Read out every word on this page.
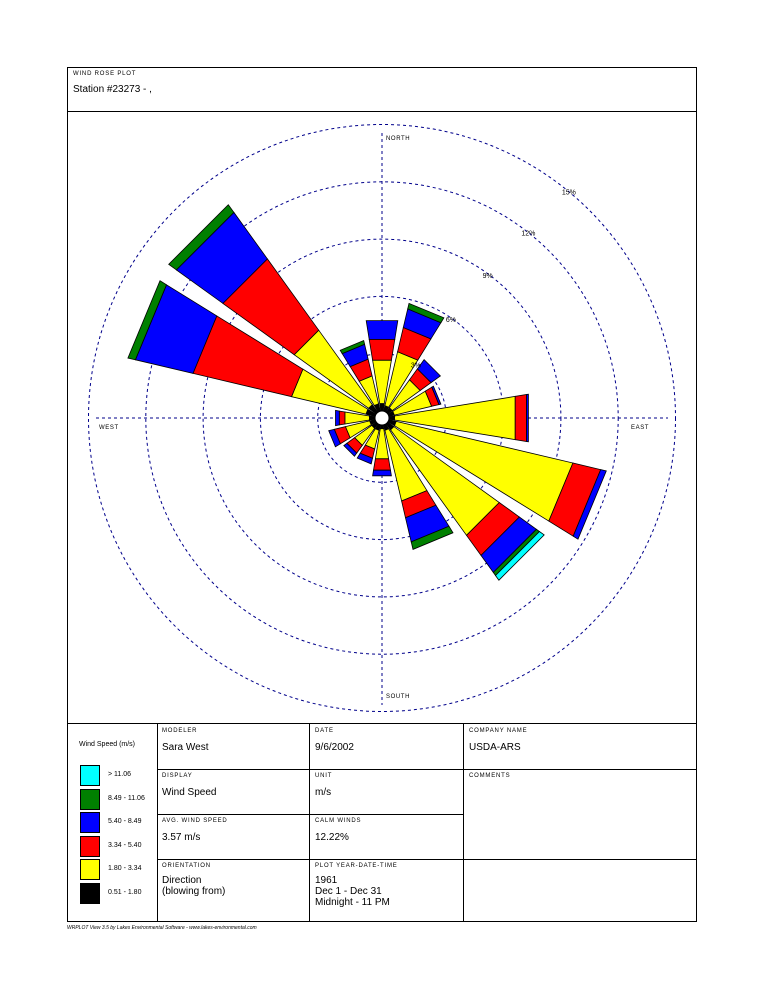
WIND ROSE PLOT
Station #23273 - ,
NORTH
SOUTH
WEST	EAST
3%
6%
9%
12%
15%
Wind Speed (m/s)
> 11.06
8.49 - 11.06
5.40 - 8.49
3.34 - 5.40
1.80 - 3.34
0.51 - 1.80
MODELER
Sara West
DATE
9/6/2002
COMPANY NAME
USDA-ARS
DISPLAY
Wind Speed
UNIT
m/s
COMMENTS
AVG. WIND SPEED
3.57 m/s
CALM WINDS
12.22%
ORIENTATION
Direction
(blowing from)
PLOT YEAR-DATE-TIME
1961
Dec 1 - Dec 31
Midnight - 11 PM
WRPLOT View 3.5 by Lakes Environmental Software - www.lakes-environmental.com
